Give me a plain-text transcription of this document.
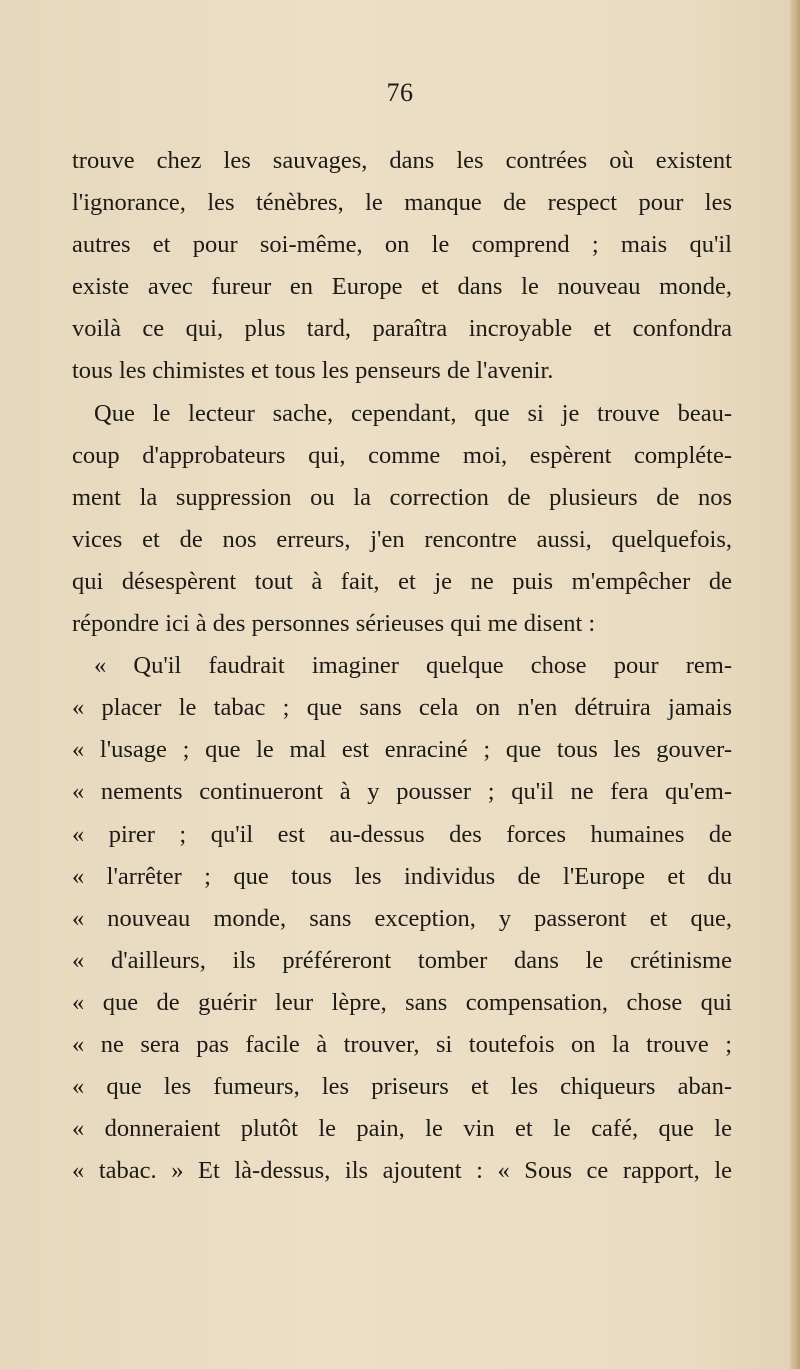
76
trouve chez les sauvages, dans les contrées où existent
l'ignorance, les ténèbres, le manque de respect pour les
autres et pour soi-même, on le comprend ; mais qu'il
existe avec fureur en Europe et dans le nouveau monde,
voilà ce qui, plus tard, paraîtra incroyable et confondra
tous les chimistes et tous les penseurs de l'avenir.
Que le lecteur sache, cependant, que si je trouve beau-
coup d'approbateurs qui, comme moi, espèrent compléte-
ment la suppression ou la correction de plusieurs de nos
vices et de nos erreurs, j'en rencontre aussi, quelquefois,
qui désespèrent tout à fait, et je ne puis m'empêcher de
répondre ici à des personnes sérieuses qui me disent :
« Qu'il faudrait imaginer quelque chose pour rem-
« placer le tabac ; que sans cela on n'en détruira jamais
« l'usage ; que le mal est enraciné ; que tous les gouver-
« nements continueront à y pousser ; qu'il ne fera qu'em-
« pirer ; qu'il est au-dessus des forces humaines de
« l'arrêter ; que tous les individus de l'Europe et du
« nouveau monde, sans exception, y passeront et que,
« d'ailleurs, ils préféreront tomber dans le crétinisme
« que de guérir leur lèpre, sans compensation, chose qui
« ne sera pas facile à trouver, si toutefois on la trouve ;
« que les fumeurs, les priseurs et les chiqueurs aban-
« donneraient plutôt le pain, le vin et le café, que le
« tabac. » Et là-dessus, ils ajoutent : « Sous ce rapport, le
